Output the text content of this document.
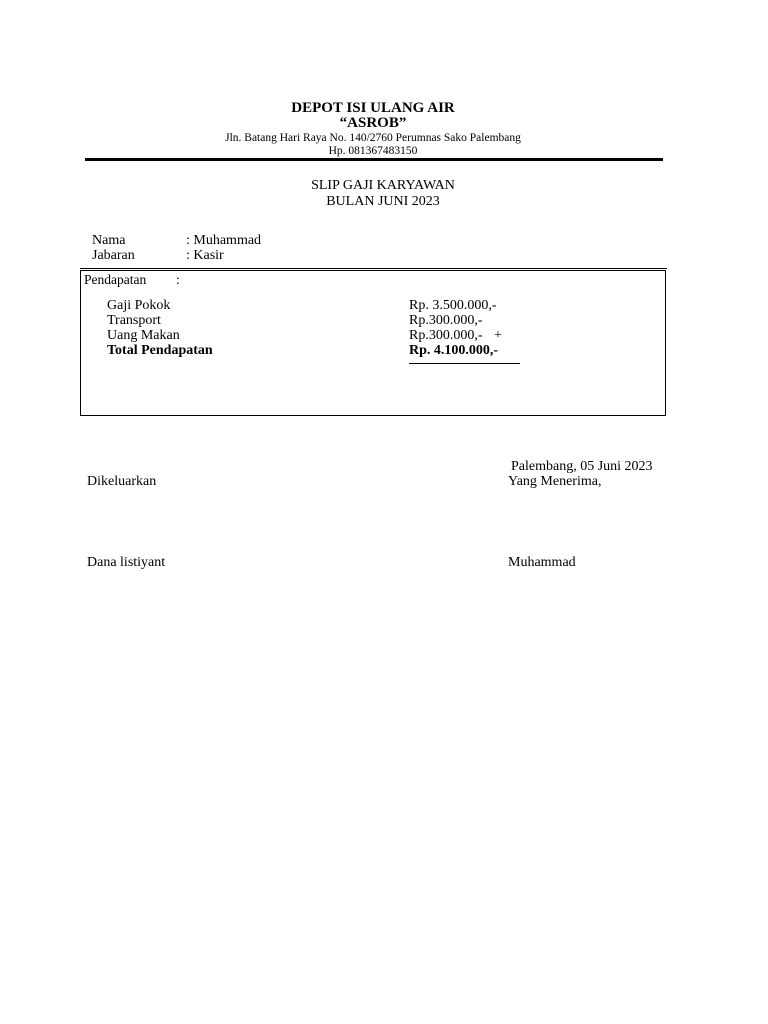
DEPOT ISI ULANG AIR
“ASROB”
Jln. Batang Hari Raya No. 140/2760 Perumnas Sako Palembang
Hp. 081367483150
SLIP GAJI KARYAWAN
BULAN JUNI 2023
Nama	: Muhammad
Jabaran	: Kasir
Pendapatan :
Gaji Pokok	Rp. 3.500.000,-
Transport	Rp.300.000,-
Uang Makan	Rp.300.000,- +
Total Pendapatan	Rp. 4.100.000,-
Palembang, 05 Juni 2023
Dikeluarkan	Yang Menerima,
Dana listiyant	Muhammad
